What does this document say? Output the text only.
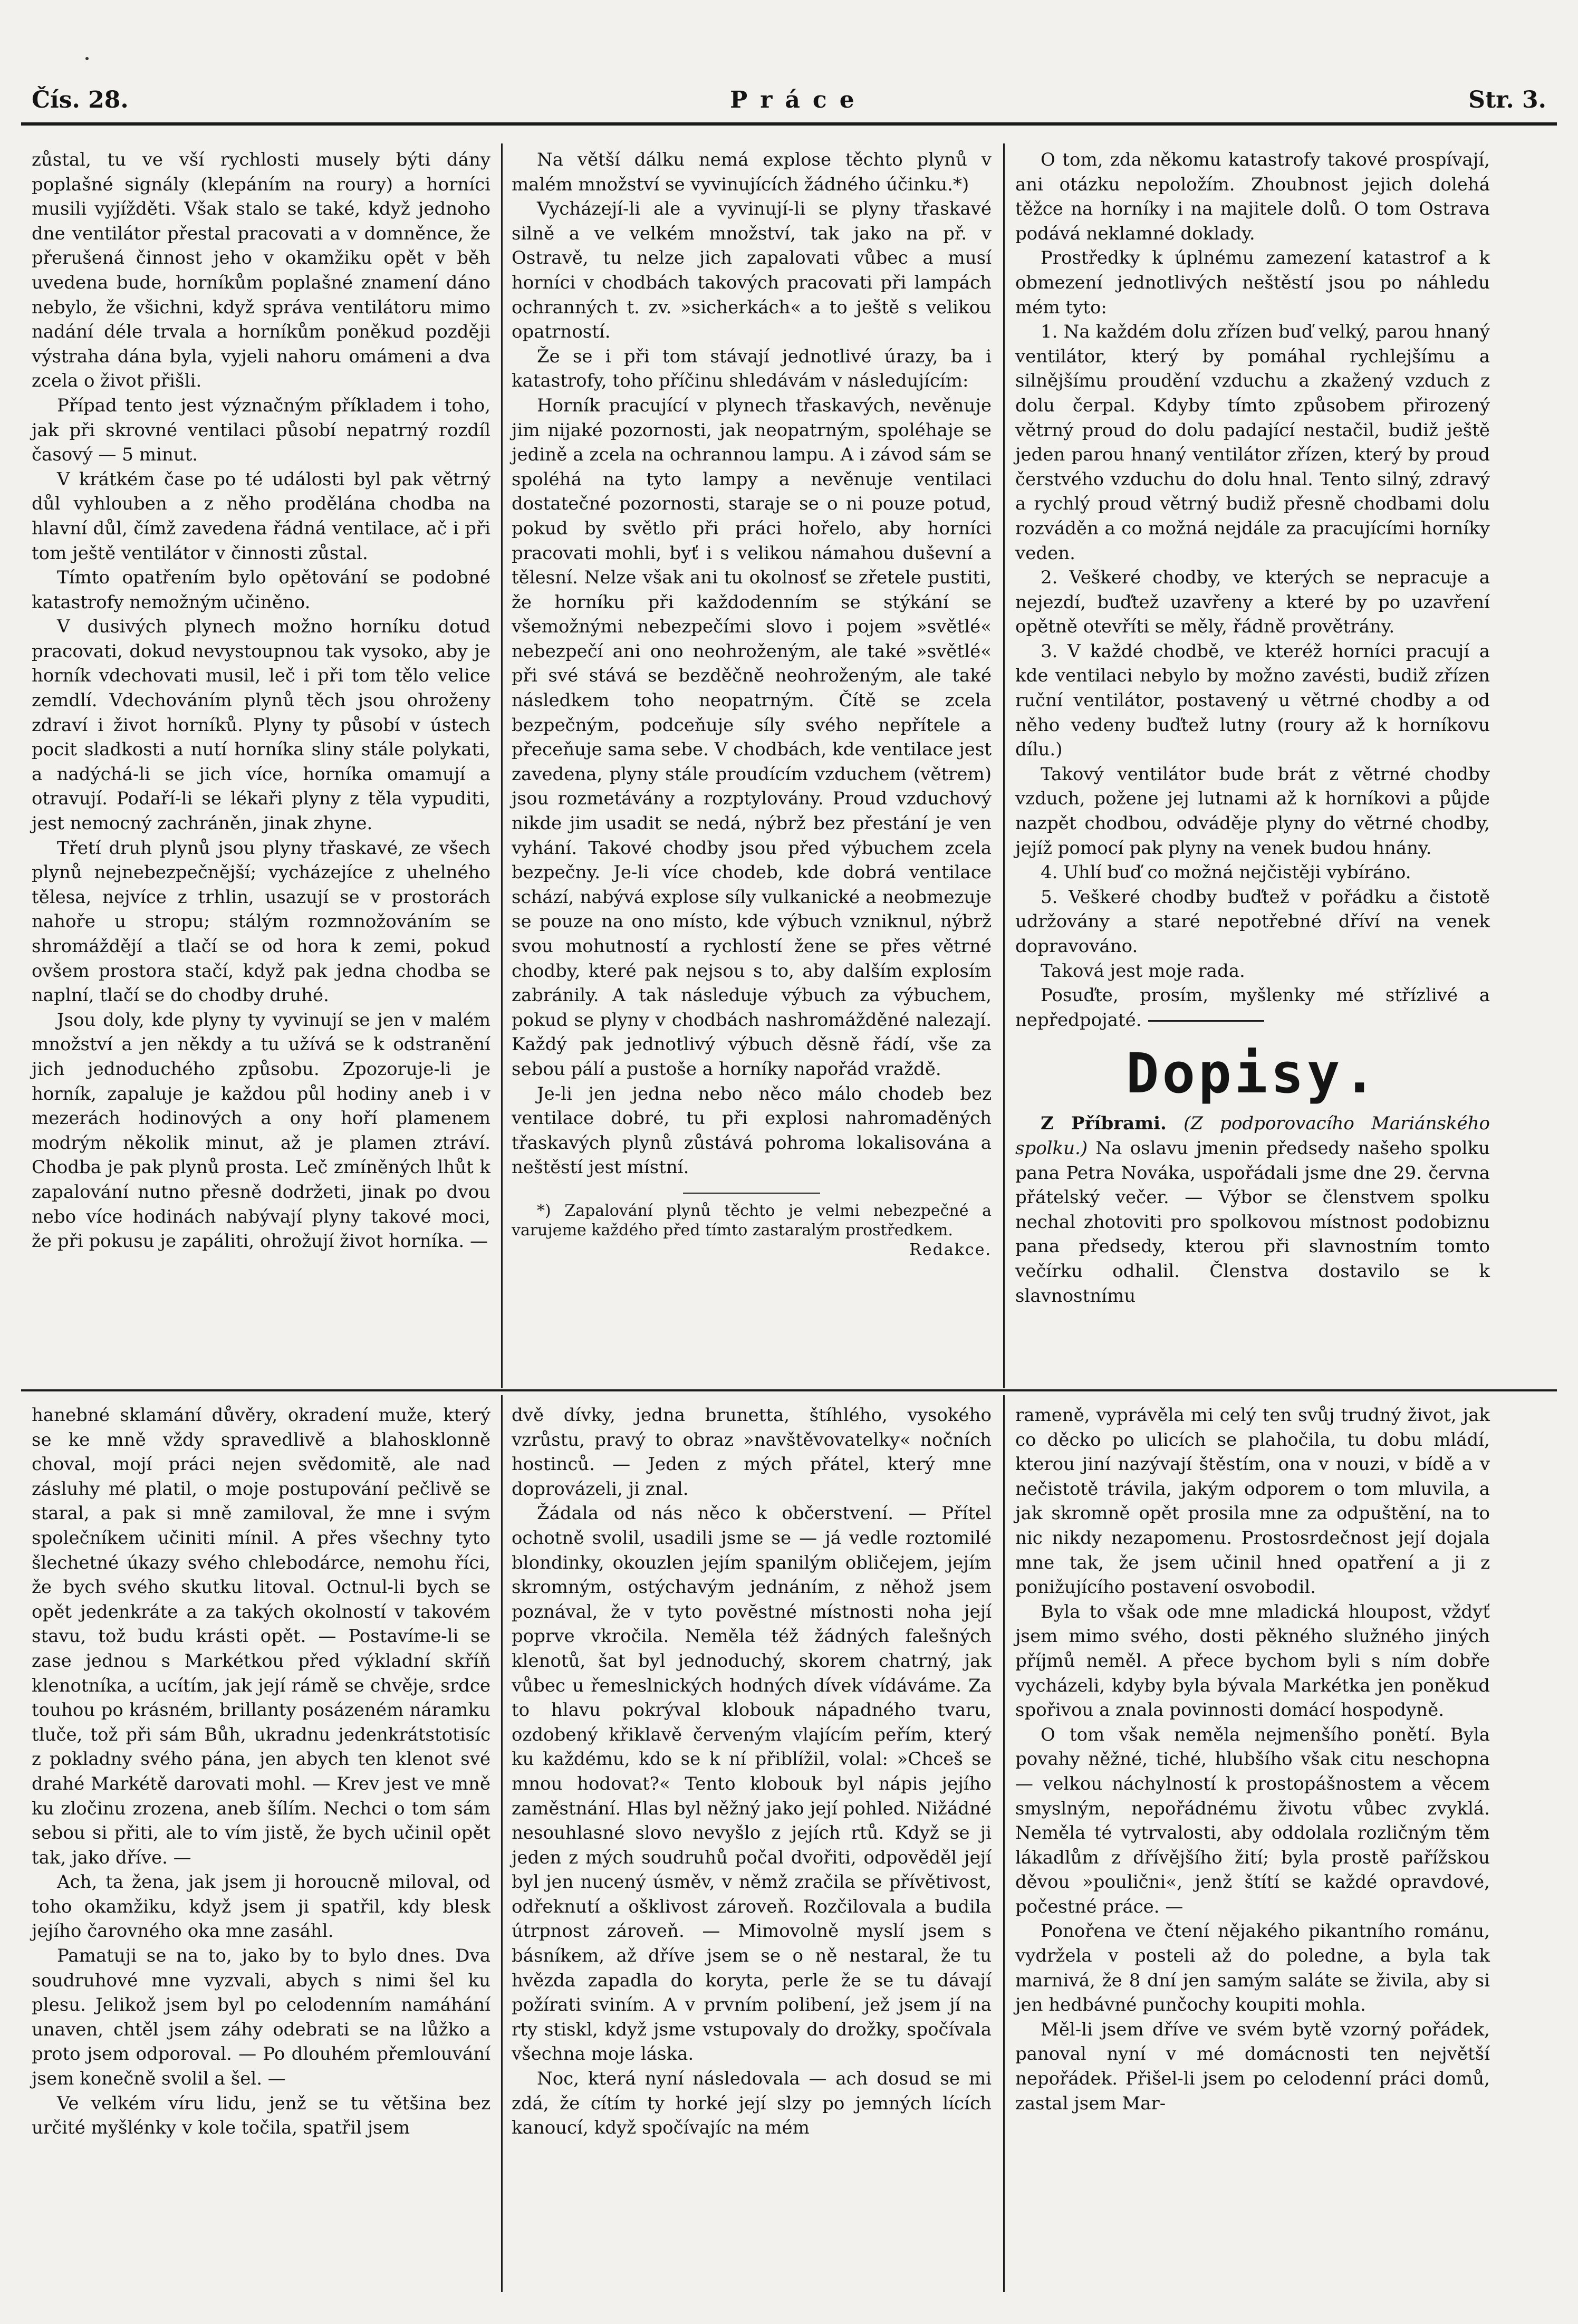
Čís. 28.	Práce	Str. 3.

zůstal, tu ve vší rychlosti musely býti dány poplašné signály (klepáním na roury) a horníci musili vyjížděti. Však stalo se také, když jednoho dne ventilátor přestal pracovati a v domněnce, že přerušená činnost jeho v okamžiku opět v běh uvedena bude, horníkům poplašné znamení dáno nebylo, že všichni, když správa ventilátoru mimo nadání déle trvala a horníkům poněkud později výstraha dána byla, vyjeli nahoru omámeni a dva zcela o život přišli.

Případ tento jest význačným příkladem i toho, jak při skrovné ventilaci působí nepatrný rozdíl časový — 5 minut.

V krátkém čase po té události byl pak větrný důl vyhloubеn a z něho prodělána chodba na hlavní důl, čímž zavedena řádná ventilace, ač i při tom ještě ventilátor v činnosti zůstal.

Tímto opatřením bylo opětování se podobné katastrofy nemožným učiněno.

V dusivých plynech možno horníku dotud pracovati, dokud nevystoupnou tak vysoko, aby je horník vdechovati musil, leč i při tom tělo velice zemdlí. Vdechováním plynů těch jsou ohroženy zdraví i život horníků. Plyny ty působí v ústech pocit sladkosti a nutí horníka sliny stále polykati, a nadýchá-li se jich více, horníka omamují a otravují. Podaří-li se lékaři plyny z těla vypuditi, jest nemocný zachráněn, jinak zhyne.

Třetí druh plynů jsou plyny třaskavé, ze všech plynů nejnebezpečnější; vycházejíce z uhelného tělesa, nejvíce z trhlin, usazují se v prostorách nahoře u stropu; stálým rozmnožováním se shromáždějí a tlačí se od hora k zemi, pokud ovšem prostora stačí, když pak jedna chodba se naplní, tlačí se do chodby druhé.

Jsou doly, kde plyny ty vyvinují se jen v malém množství a jen někdy a tu užívá se k odstranění jich jednoduchého způsobu. Zpozoruje-li je horník, zapaluje je každou půl hodiny aneb i v mezerách hodinových a ony hoří plamenem modrým několik minut, až je plamen ztráví. Chodba je pak plynů prosta. Leč zmíněných lhůt k zapalování nutno přesně dodržeti, jinak po dvou nebo více hodinách nabývají plyny takové moci, že při pokusu je zapáliti, ohrožují život horníka. —

Na větší dálku nemá explose těchto plynů v malém množství se vyvinujících žádného účinku.*)

Vycházejí-li ale a vyvinují-li se plyny třaskavé silně a ve velkém množství, tak jako na př. v Ostravě, tu nelze jich zapalovati vůbec a musí horníci v chodbách takových pracovati při lampách ochranných t. zv. »sicherkách« a to ještě s velikou opatrností.

Že se i při tom stávají jednotlivé úrazy, ba i katastrofy, toho příčinu shledávám v následujícím:

Horník pracující v plynech třaskavých, nevěnuje jim nijaké pozornosti, jak neopatrným, spoléhaje se jedině a zcela na ochrannou lampu. A i závod sám se spoléhá na tyto lampy a nevěnuje ventilaci dostatečné pozornosti, staraje se o ni pouze potud, pokud by světlo při práci hořelo, aby horníci pracovati mohli, byť i s velikou námahou duševní a tělesní. Nelze však ani tu okolnosť se zřetele pustiti, že horníku při každodenním se stýkání se všemožnými nebezpečími slovo i pojem »světlé« nebezpečí ani ono neohroženým, ale také »světlé« při své stává se bezděčně neohroženým, ale také následkem toho neopatrným. Čítě se zcela bezpečným, podceňuje síly svého nepřítele a přeceňuje sama sebe. V chodbách, kde ventilace jest zavedena, plyny stále proudícím vzduchem (větrem) jsou rozmetávány a rozptylovány. Proud vzduchový nikde jim usadit se nedá, nýbrž bez přestání je ven vyhání. Takové chodby jsou před výbuchem zcela bezpečny. Je-li více chodeb, kde dobrá ventilace schází, nabývá explose síly vulkanické a neobmezuje se pouze na ono místo, kde výbuch vzniknul, nýbrž svou mohutností a rychlostí žene se přes větrné chodby, které pak nejsou s to, aby dalším explosím zabránily. A tak následuje výbuch za výbuchem, pokud se plyny v chodbách nashromážděné nalezají. Každý pak jednotlivý výbuch děsně řádí, vše za sebou pálí a pustoše a horníky napořád vraždě.

Je-li jen jedna nebo něco málo chodeb bez ventilace dobré, tu při explosi nahromaděných třaskavých plynů zůstává pohroma lokalisována a neštěstí jest místní.

*) Zapalování plynů těchto je velmi nebezpečné a varujeme každého před tímto zastaralým prostředkem.
Redakce.

O tom, zda někomu katastrofy takové prospívají, ani otázku nepoložím. Zhoubnost jejich dolehá těžce na horníky i na majitele dolů. O tom Ostrava podává neklamné doklady.

Prostředky k úplnému zamezení katastrof a k obmezení jednotlivých neštěstí jsou po náhledu mém tyto:

1. Na každém dolu zřízen buď velký, parou hnaný ventilátor, který by pomáhal rychlejšímu a silnějšímu proudění vzduchu a zkažený vzduch z dolu čerpal. Kdyby tímto způsobem přirozený větrný proud do dolu padající nestačil, budiž ještě jeden parou hnaný ventilátor zřízen, který by proud čerstvého vzduchu do dolu hnal. Tento silný, zdravý a rychlý proud větrný budiž přesně chodbami dolu rozváděn a co možná nejdále za pracujícími horníky veden.

2. Veškeré chodby, ve kterých se nepracuje a nejezdí, buďtež uzavřeny a které by po uzavření opětně otevříti se měly, řádně provětrány.

3. V každé chodbě, ve kteréž horníci pracují a kde ventilaci nebylo by možno zavésti, budiž zřízen ruční ventilátor, postavený u větrné chodby a od něho vedeny buďtež lutny (roury až k horníkovu dílu.)

Takový ventilátor bude brát z větrné chodby vzduch, požene jej lutnami až k horníkovi a půjde nazpět chodbou, odváděje plyny do větrné chodby, jejíž pomocí pak plyny na venek budou hnány.

4. Uhlí buď co možná nejčistěji vybíráno.

5. Veškeré chodby buďtež v pořádku a čistotě udržovány a staré nepotřebné dříví na venek dopravováno.

Taková jest moje rada.

Posuďte, prosím, myšlenky mé střízlivé a nepředpojaté.

Dopisy.

Z Příbrami. (Z podporovacího Mariánského spolku.) Na oslavu jmenin předsedy našeho spolku pana Petra Nováka, uspořádali jsme dne 29. června přátelský večer. — Výbor se členstvem spolku nechal zhotoviti pro spolkovou místnost podobiznu pana předsedy, kterou při slavnostním tomto večírku odhalil. Členstva dostavilo se k slavnostnímu

hanebné sklamání důvěry, okradení muže, který se ke mně vždy spravedlivě a blahosklonně choval, mojí práci nejen svědomitě, ale nad zásluhy mé platil, o mojе postupování pečlivě se staral, a pak si mně zamiloval, že mne i svým společníkem učiniti mínil. A přes všechny tyto šlechetné úkazy svého chlebodárce, nemohu říci, že bych svého skutku litoval. Octnul-li bych se opět jedenkráte a za takých okolností v takovém stavu, tož budu krásti opět. — Postavíme-li se zase jednou s Markétkou před výkladní skříň klenotníka, a ucítím, jak její rámě se chvěje, srdce touhou po krásném, brillanty posázeném náramku tluče, tož při sám Bůh, ukradnu jedenkrátstotisíc z pokladny svého pána, jen abych ten klenot své drahé Markétě darovati mohl. — Krev jest ve mně ku zločinu zrozena, aneb šílím. Nechci o tom sám sebou si přiti, ale to vím jistě, že bych učinil opět tak, jako dříve. —

Ach, ta žena, jak jsem ji horoucně miloval, od toho okamžiku, když jsem ji spatřil, kdy blesk jejího čarovného oka mne zasáhl.

Pamatuji se na to, jako by to bylo dnes. Dva soudruhové mne vyzvali, abych s nimi šel ku plesu. Jelikož jsem byl po celodenním namáhání unaven, chtěl jsem záhy odebrati se na lůžko a proto jsem odporoval. — Po dlouhém přemlouvání jsem konečně svolil a šel. —

Ve velkém víru lidu, jenž se tu většina bez určité myšlénky v kole točila, spatřil jsem

dvě dívky, jedna brunetta, štíhlého, vysokého vzrůstu, pravý to obraz »navštěvovatelky« nočních hostinců. — Jeden z mých přátel, který mne doprovázeli, ji znal.

Žádala od nás něco k občerstvení. — Přítel ochotně svolil, usadili jsme se — já vedle roztomilé blondinky, okouzlen jejím spanilým obličejem, jejím skromným, ostýchavým jednáním, z něhož jsem poznával, že v tyto povĕstné místnosti noha její poprve vkročila. Neměla též žádných falešných klenotů, šat byl jednoduchý, skorem chatrný, jak vůbec u řemeslnických hodných dívek vídáváme. Za to hlavu pokrýval klobouk nápadného tvaru, ozdobený křiklavě červeným vlajícím peřím, který ku každému, kdo se k ní přiblížil, volal: »Chceš se mnou hodovat?« Tento klobouk byl nápis jejího zaměstnání. Hlas byl něžný jako její pohled. Nižádné nesouhlasné slovo nevyšlo z jejích rtů. Když se ji jeden z mých soudruhů počal dvořiti, odpověděl její byl jen nucený úsměv, v němž zračila se přívětivost, odřeknutí a ošklivost zároveň. Rozčilovala a budila útrpnost zároveň. — Mimovolně myslí jsem s básníkem, až dříve jsem se o ně nestaral, že tu hvězda zapadla do koryta, perle že se tu dávají požírati sviním. A v prvním polibení, jež jsem jí na rty stiskl, když jsme vstupovaly do drožky, spočívala všechna moje láska.

Noc, která nyní následovala — ach dosud se mi zdá, že cítím ty horké její slzy po jemných lících kanoucí, když spočívajíc na mém

rameně, vyprávěla mi celý ten svůj trudný život, jak co děcko po ulicích se plahočila, tu dobu mládí, kterou jiní nazývají štěstím, ona v nouzi, v bídě a v nečistotě trávila, jakým odporem o tom mluvila, a jak skromně opět prosila mne za odpuštění, na to nic nikdy nezapomenu. Prostosrdečnost její dojala mne tak, že jsem učinil hned opatření a ji z ponižujícího postavení osvobodil.

Byla to však ode mne mladická hloupost, vždyť jsem mimo svého, dosti pěkného služného jiných příjmů neměl. A přece bychom byli s ním dobře vycházeli, kdyby byla bývala Markétka jen poněkud spořivou a znala povinnosti domácí hospodyně.

O tom však neměla nejmenšího ponětí. Byla povahy něžné, tiché, hlubšího však citu neschopna — velkou náchylností k prostopášnostem a věcem smyslným, nepořádnému životu vůbec zvyklá. Neměla té vytrvalosti, aby oddolala rozličným těm lákadlům z dřívějšího žití; byla prostě pařížskou děvou »poulični«, jenž štítí se každé opravdové, počestné práce. —

Ponořena ve čtení nějakého pikantního románu, vydržela v posteli až do poledne, a byla tak marnivá, že 8 dní jen samým saláte se živila, aby si jen hedbávné punčochy koupiti mohla.

Měl-li jsem dříve ve svém bytě vzorný pořádek, panoval nyní v mé domácnosti ten největší nepořádek. Přišel-li jsem po celodenní práci domů, zastal jsem Mar-
